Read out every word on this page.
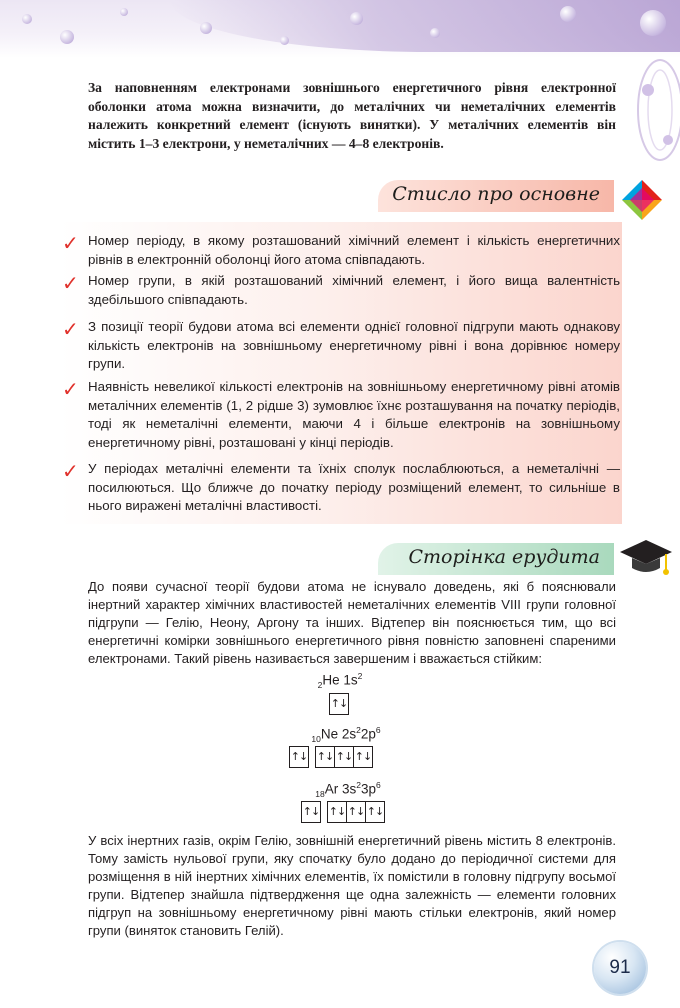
За наповненням електронами зовнішнього енергетичного рівня електронної оболонки атома можна визначити, до металічних чи неметалічних елементів належить конкретний елемент (існують винятки). У металічних елементів він містить 1–3 електрони, у неметалічних — 4–8 електронів.

Стисло про основне
✓ Номер періоду, в якому розташований хімічний елемент і кількість енергетичних рівнів в електронній оболонці його атома співпадають.
✓ Номер групи, в якій розташований хімічний елемент, і його вища валентність здебільшого співпадають.
✓ З позиції теорії будови атома всі елементи однієї головної підгрупи мають однакову кількість електронів на зовнішньому енергетичному рівні і вона дорівнює номеру групи.
✓ Наявність невеликої кількості електронів на зовнішньому енергетичному рівні атомів металічних елементів (1, 2 рідше 3) зумовлює їхнє розташування на початку періодів, тоді як неметалічні елементи, маючи 4 і більше електронів на зовнішньому енергетичному рівні, розташовані у кінці періодів.
✓ У періодах металічні елементи та їхніх сполук послаблюються, а неметалічні — посилюються. Що ближче до початку періоду розміщений елемент, то сильніше в нього виражені металічні властивості.
Сторінка ерудита

До появи сучасної теорії будови атома не існувало доведень, які б пояснювали інертний характер хімічних властивостей неметалічних елементів VIII групи головної підгрупи — Гелію, Неону, Аргону та інших. Відтепер він пояснюється тим, що всі енергетичні комірки зовнішнього енергетичного рівня повністю заповнені спареними електронами. Такий рівень називається завершеним і вважається стійким:

$_2$He $1s^2$
↑↓
$_{10}$Ne $2s^22p^6$
↑↓ ↑↓ ↑↓ ↑↓
$_{18}$Ar $3s^23p^6$
↑↓ ↑↓ ↑↓ ↑↓

У всіх інертних газів, окрім Гелію, зовнішній енергетичний рівень містить 8 електронів. Тому замість нульової групи, яку спочатку було додано до періодичної системи для розміщення в ній інертних хімічних елементів, їх помістили в головну підгрупу восьмої групи. Відтепер знайшла підтвердження ще одна залежність — елементи головних підгруп на зовнішньому енергетичному рівні мають стільки електронів, який номер групи (виняток становить Гелій).

91
